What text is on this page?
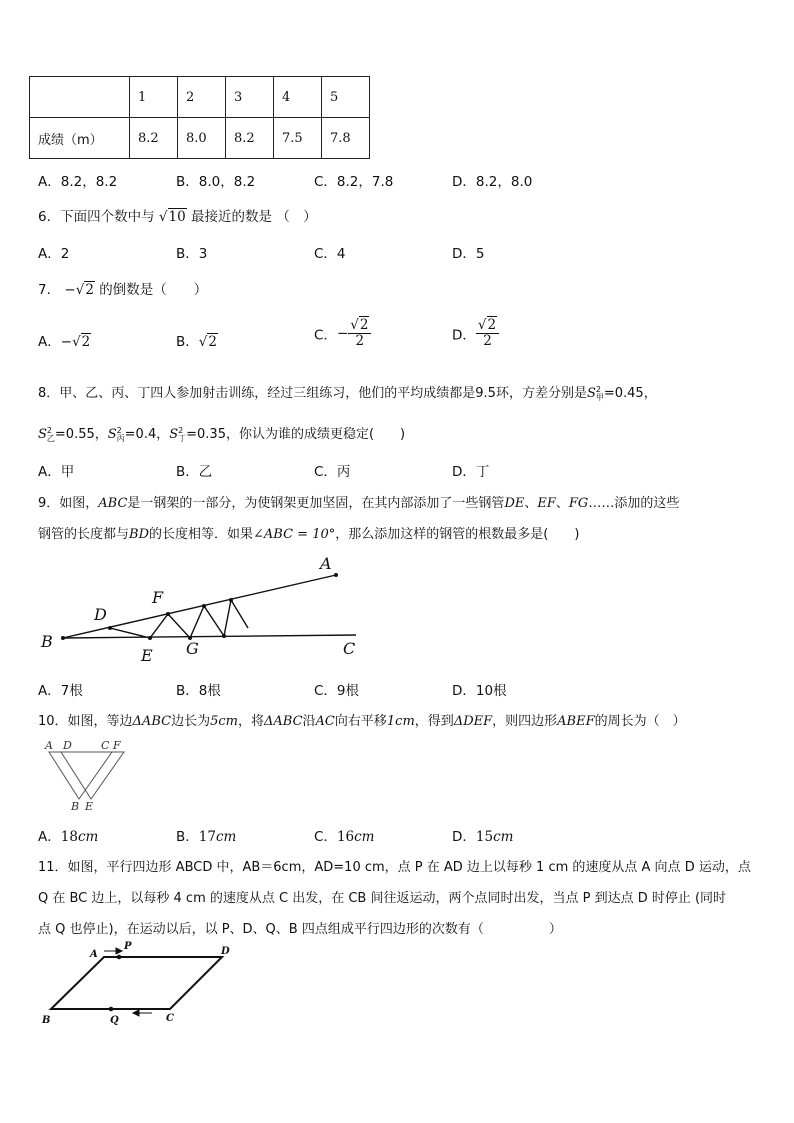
	1	2	3	4	5
成绩（m）	8.2	8.0	8.2	7.5	7.8
A．8.2，8.2	B．8.0，8.2	C．8.2，7.8	D．8.2，8.0
6．下面四个数中与 √10 最接近的数是 （　）
A．2	B．3	C．4	D．5
7． −√2 的倒数是（　　）
A．−√2	B．√2	C．− $\frac{√2}{2}$	D． $\frac{√2}{2}$
8．甲、乙、丙、丁四人参加射击训练，经过三组练习，他们的平均成绩都是9.5环，方差分别是S 2
甲 =0.45，
S 2
乙 =0.55，S 2
丙 =0.4，S 2
丁 =0.35，你认为谁的成绩更稳定(　　)
A．甲	B．乙	C．丙	D．丁
9．如图，ABC是一钢架的一部分，为使钢架更加坚固，在其内部添加了一些钢管DE、EF、FG……添加的这些
钢管的长度都与BD的长度相等．如果∠ABC = 10°，那么添加这样的钢管的根数最多是(　　)
A
B	C
D
E
F
G
A．7根	B．8根	C．9根	D．10根
10．如图，等边ΔABC边长为5cm，将ΔABC沿AC向右平移1cm，得到ΔDEF，则四边形ABEF的周长为（　）
A D	C F
B E
A．18cm	B．17cm	C．16cm	D．15cm
11．如图，平行四边形 ABCD 中，AB＝6cm，AD=10 cm，点 P 在 AD 边上以每秒 1 cm 的速度从点 A 向点 D 运动，点
Q 在 BC 边上，以每秒 4 cm 的速度从点 C 出发，在 CB 间往返运动，两个点同时出发，当点 P 到达点 D 时停止 (同时
点 Q 也停止)，在运动以后，以 P、D、Q、B 四点组成平行四边形的次数有（　　　　　）
A
P	D
B	Q	C
